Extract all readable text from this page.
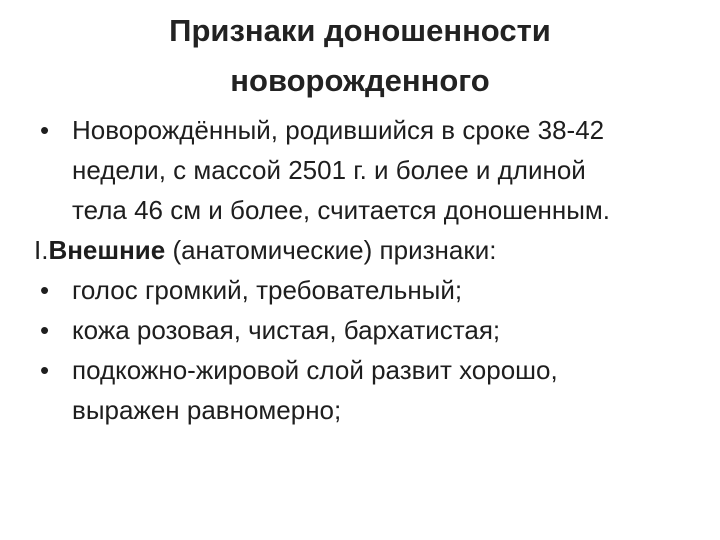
Признаки доношенности
новорожденного
• Новорождённый, родившийся в сроке 38-42
недели, с массой 2501 г. и более и длиной
тела 46 см и более, считается доношенным.
I.Внешние (анатомические) признаки:
• голос громкий, требовательный;
• кожа розовая, чистая, бархатистая;
• подкожно-жировой слой развит хорошо,
выражен равномерно;
